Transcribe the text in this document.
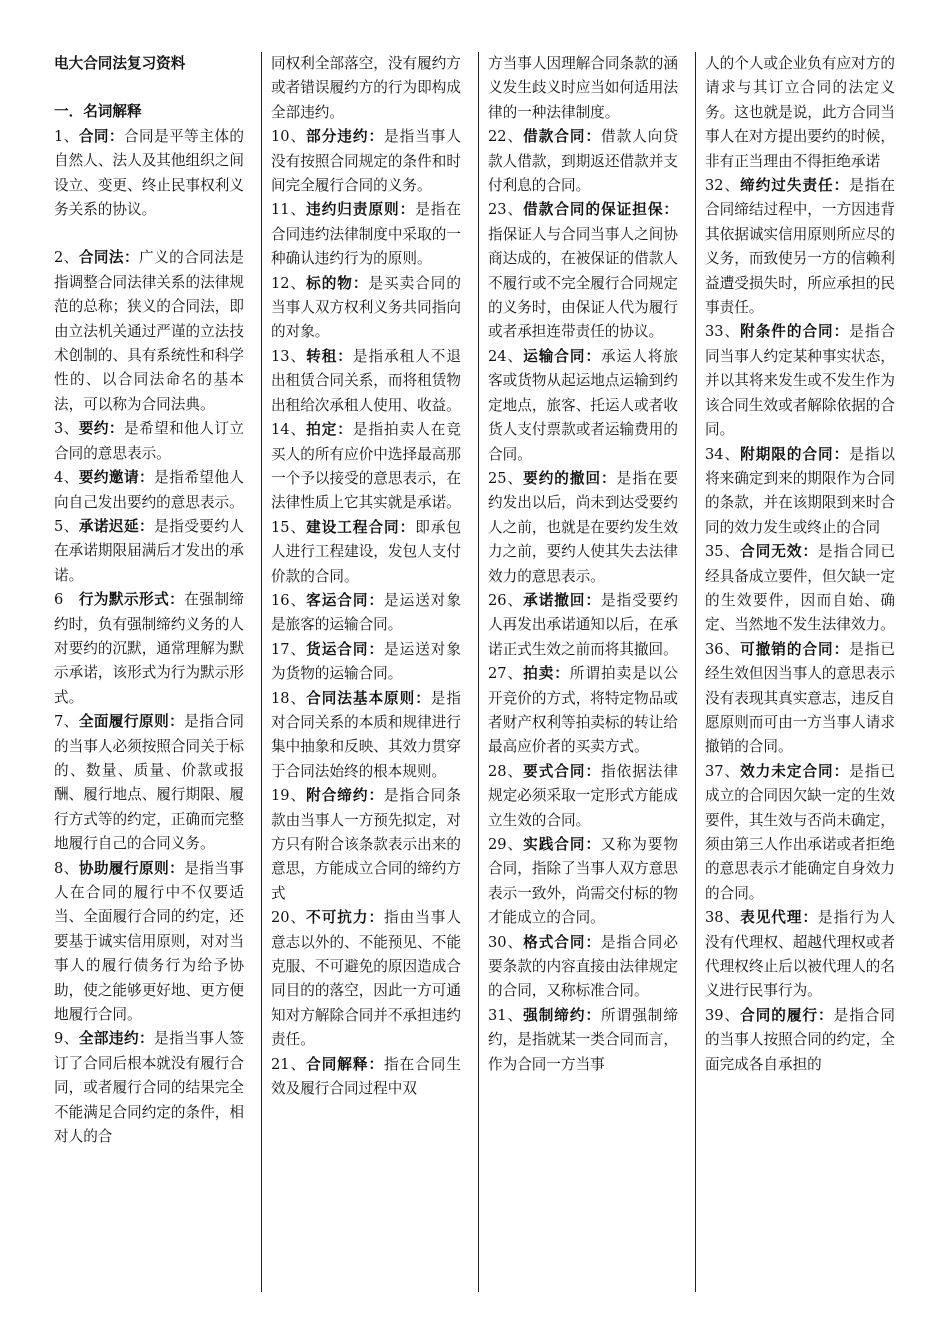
电大合同法复习资料

一．名词解释

1、合同：合同是平等主体的自然人、法人及其他组织之间设立、变更、终止民事权利义务关系的协议。

2、合同法：广义的合同法是指调整合同法律关系的法律规范的总称；狭义的合同法，即由立法机关通过严谨的立法技术创制的、具有系统性和科学性的、以合同法命名的基本法，可以称为合同法典。

3、要约：是希望和他人订立合同的意思表示。

4、要约邀请：是指希望他人向自己发出要约的意思表示。

5、承诺迟延：是指受要约人在承诺期限届满后才发出的承诺。

6　行为默示形式：在强制缔约时，负有强制缔约义务的人对要约的沉默，通常理解为默示承诺，该形式为行为默示形式。

7、全面履行原则：是指合同的当事人必须按照合同关于标的、数量、质量、价款或报酬、履行地点、履行期限、履行方式等的约定，正确而完整地履行自己的合同义务。

8、协助履行原则：是指当事人在合同的履行中不仅要适当、全面履行合同的约定，还要基于诚实信用原则，对对当事人的履行债务行为给予协助，使之能够更好地、更方便地履行合同。

9、全部违约：是指当事人签订了合同后根本就没有履行合同，或者履行合同的结果完全不能满足合同约定的条件，相对人的合

同权利全部落空，没有履约方或者错误履约方的行为即构成全部违约。

10、部分违约：是指当事人没有按照合同规定的条件和时间完全履行合同的义务。

11、违约归责原则：是指在合同违约法律制度中采取的一种确认违约行为的原则。

12、标的物：是买卖合同的当事人双方权利义务共同指向的对象。

13、转租：是指承租人不退出租赁合同关系，而将租赁物出租给次承租人使用、收益。

14、拍定：是指拍卖人在竞买人的所有应价中选择最高那一个予以接受的意思表示，在法律性质上它其实就是承诺。

15、建设工程合同：即承包人进行工程建设，发包人支付价款的合同。

16、客运合同：是运送对象是旅客的运输合同。

17、货运合同：是运送对象为货物的运输合同。

18、合同法基本原则：是指对合同关系的本质和规律进行集中抽象和反映、其效力贯穿于合同法始终的根本规则。

19、附合缔约：是指合同条款由当事人一方预先拟定，对方只有附合该条款表示出来的意思，方能成立合同的缔约方式

20、不可抗力：指由当事人意志以外的、不能预见、不能克服、不可避免的原因造成合同目的的落空，因此一方可通知对方解除合同并不承担违约责任。

21、合同解释：指在合同生效及履行合同过程中双

方当事人因理解合同条款的涵义发生歧义时应当如何适用法律的一种法律制度。

22、借款合同：借款人向贷款人借款，到期返还借款并支付利息的合同。

23、借款合同的保证担保：指保证人与合同当事人之间协商达成的，在被保证的借款人不履行或不完全履行合同规定的义务时，由保证人代为履行或者承担连带责任的协议。

24、运输合同：承运人将旅客或货物从起运地点运输到约定地点，旅客、托运人或者收货人支付票款或者运输费用的合同。

25、要约的撤回：是指在要约发出以后，尚未到达受要约人之前，也就是在要约发生效力之前，要约人使其失去法律效力的意思表示。

26、承诺撤回：是指受要约人再发出承诺通知以后，在承诺正式生效之前而将其撤回。

27、拍卖：所谓拍卖是以公开竞价的方式，将特定物品或者财产权利等拍卖标的转让给最高应价者的买卖方式。

28、要式合同：指依据法律规定必须采取一定形式方能成立生效的合同。

29、实践合同：又称为要物合同，指除了当事人双方意思表示一致外，尚需交付标的物才能成立的合同。

30、格式合同：是指合同必要条款的内容直接由法律规定的合同，又称标准合同。

31、强制缔约：所谓强制缔约，是指就某一类合同而言，作为合同一方当事

人的个人或企业负有应对方的请求与其订立合同的法定义务。这也就是说，此方合同当事人在对方提出要约的时候，非有正当理由不得拒绝承诺

32、缔约过失责任：是指在合同缔结过程中，一方因违背其依据诚实信用原则所应尽的义务，而致使另一方的信赖利益遭受损失时，所应承担的民事责任。

33、附条件的合同：是指合同当事人约定某种事实状态，并以其将来发生或不发生作为该合同生效或者解除依据的合同。

34、附期限的合同：是指以将来确定到来的期限作为合同的条款，并在该期限到来时合同的效力发生或终止的合同

35、合同无效：是指合同已经具备成立要件，但欠缺一定的生效要件，因而自始、确定、当然地不发生法律效力。

36、可撤销的合同：是指已经生效但因当事人的意思表示没有表现其真实意志，违反自愿原则而可由一方当事人请求撤销的合同。

37、效力未定合同：是指已成立的合同因欠缺一定的生效要件，其生效与否尚未确定，须由第三人作出承诺或者拒绝的意思表示才能确定自身效力的合同。

38、表见代理：是指行为人没有代理权、超越代理权或者代理权终止后以被代理人的名义进行民事行为。

39、合同的履行：是指合同的当事人按照合同的约定，全面完成各自承担的
